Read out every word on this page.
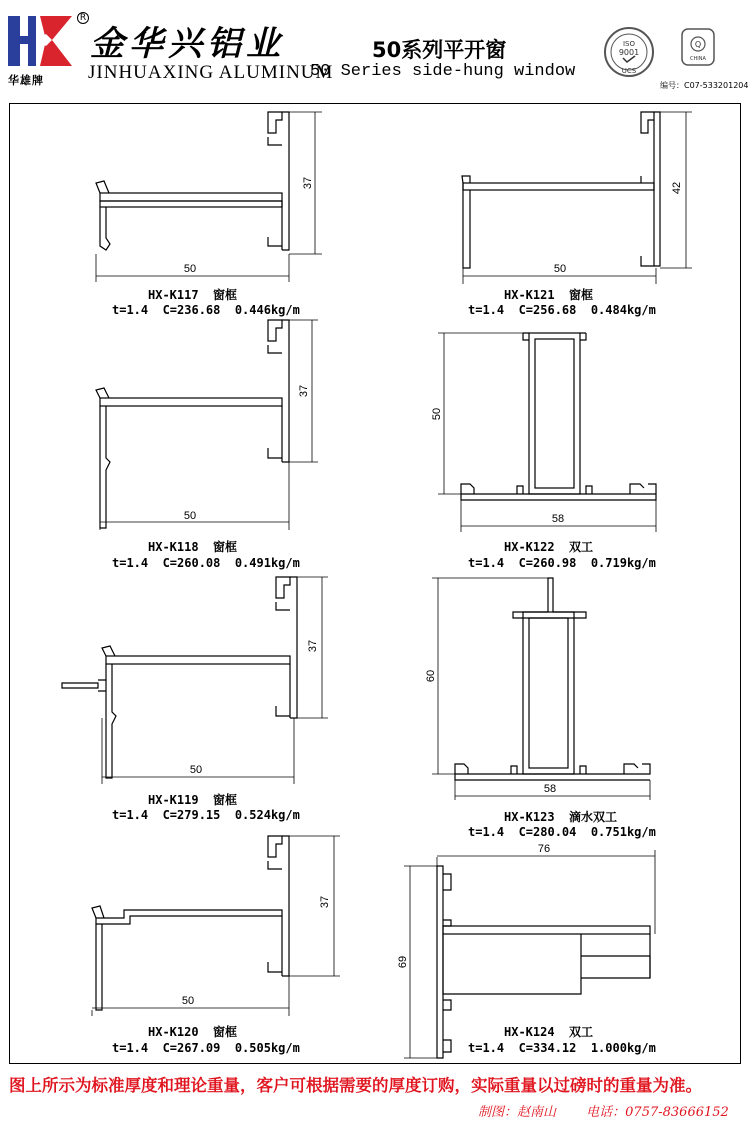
R
华雄牌
金华兴铝业
JINHUAXING ALUMINUM
50系列平开窗
50 Series side-hung window
ISO
9001
UCS
Q
CHINA
编号：C07-533201204
50
37
50
42
50
37
58
50
50
37
58
60
50
37
76
69
HX-K117 窗框
t=1.4 C=236.68 0.446kg/m
HX-K121 窗框
t=1.4 C=256.68 0.484kg/m
HX-K118 窗框
t=1.4 C=260.08 0.491kg/m
HX-K122 双工
t=1.4 C=260.98 0.719kg/m
HX-K119 窗框
t=1.4 C=279.15 0.524kg/m	HX-K123 滴水双工
t=1.4 C=280.04 0.751kg/m
HX-K120 窗框
t=1.4 C=267.09 0.505kg/m
HX-K124 双工
t=1.4 C=334.12 1.000kg/m
图上所示为标准厚度和理论重量，客户可根据需要的厚度订购，实际重量以过磅时的重量为准。
制图：赵南山 电话：0757-83666152
